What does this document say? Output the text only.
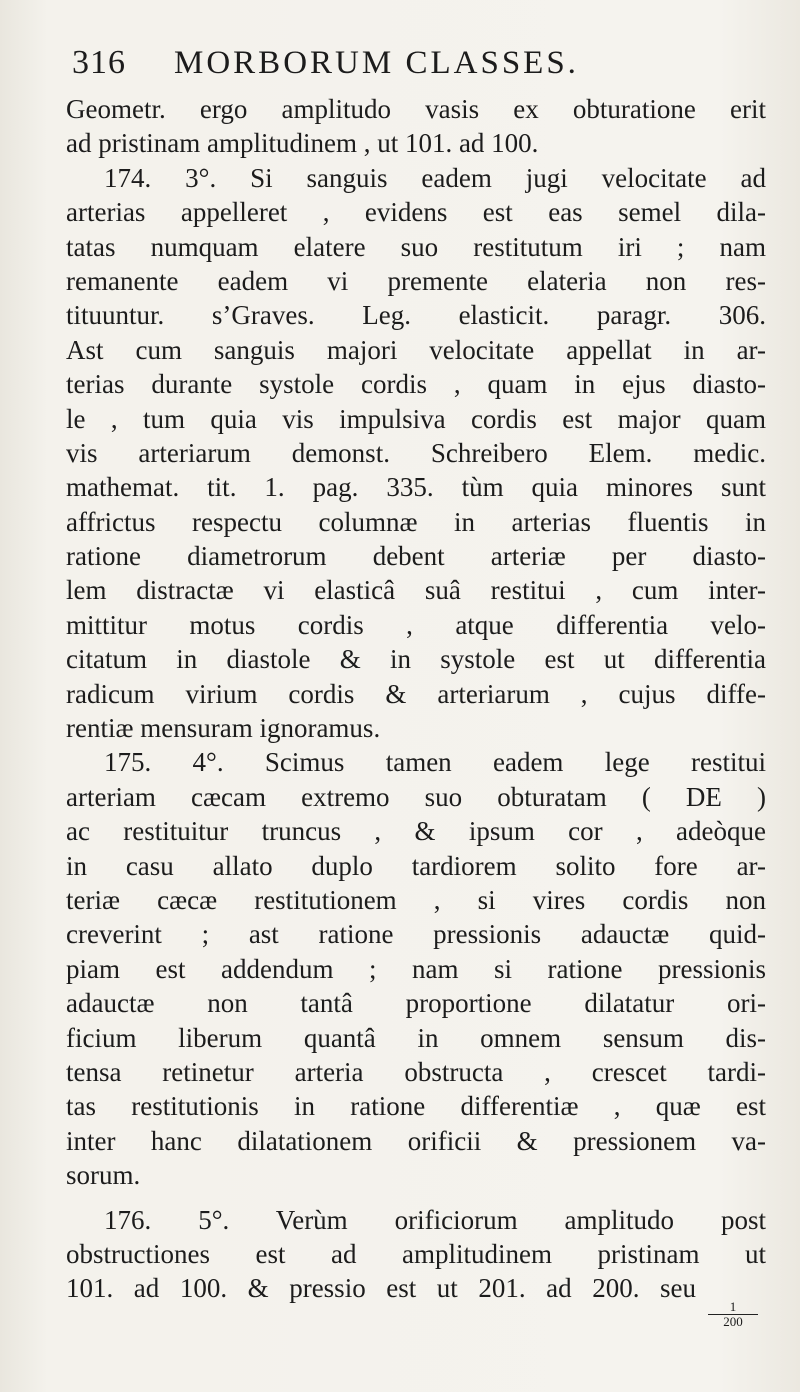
316 MORBORUM CLASSES.
Geometr. ergo amplitudo vasis ex obturatione erit
ad pristinam amplitudinem , ut 101. ad 100.
174. 3°. Si sanguis eadem jugi velocitate ad
arterias appelleret , evidens est eas semel dila-
tatas numquam elatere suo restitutum iri ; nam
remanente eadem vi premente elateria non res-
tituuntur. s’Graves. Leg. elasticit. paragr. 306.
Ast cum sanguis majori velocitate appellat in ar-
terias durante systole cordis , quam in ejus diasto-
le , tum quia vis impulsiva cordis est major quam
vis arteriarum demonst. Schreibero Elem. medic.
mathemat. tit. 1. pag. 335. tùm quia minores sunt
affrictus respectu columnæ in arterias fluentis in
ratione diametrorum debent arteriæ per diasto-
lem distractæ vi elasticâ suâ restitui , cum inter-
mittitur motus cordis , atque differentia velo-
citatum in diastole & in systole est ut differentia
radicum virium cordis & arteriarum , cujus diffe-
rentiæ mensuram ignoramus.
175. 4°. Scimus tamen eadem lege restitui
arteriam cæcam extremo suo obturatam ( DE )
ac restituitur truncus , & ipsum cor , adeòque
in casu allato duplo tardiorem solito fore ar-
teriæ cæcæ restitutionem , si vires cordis non
creverint ; ast ratione pressionis adauctæ quid-
piam est addendum ; nam si ratione pressionis
adauctæ non tantâ proportione dilatatur ori-
ficium liberum quantâ in omnem sensum dis-
tensa retinetur arteria obstructa , crescet tardi-
tas restitutionis in ratione differentiæ , quæ est
inter hanc dilatationem orificii & pressionem va-
sorum.
176. 5°. Verùm orificiorum amplitudo post
obstructiones est ad amplitudinem pristinam ut
101. ad 100. & pressio est ut 201. ad 200. seu
$\frac{1}{200}$
